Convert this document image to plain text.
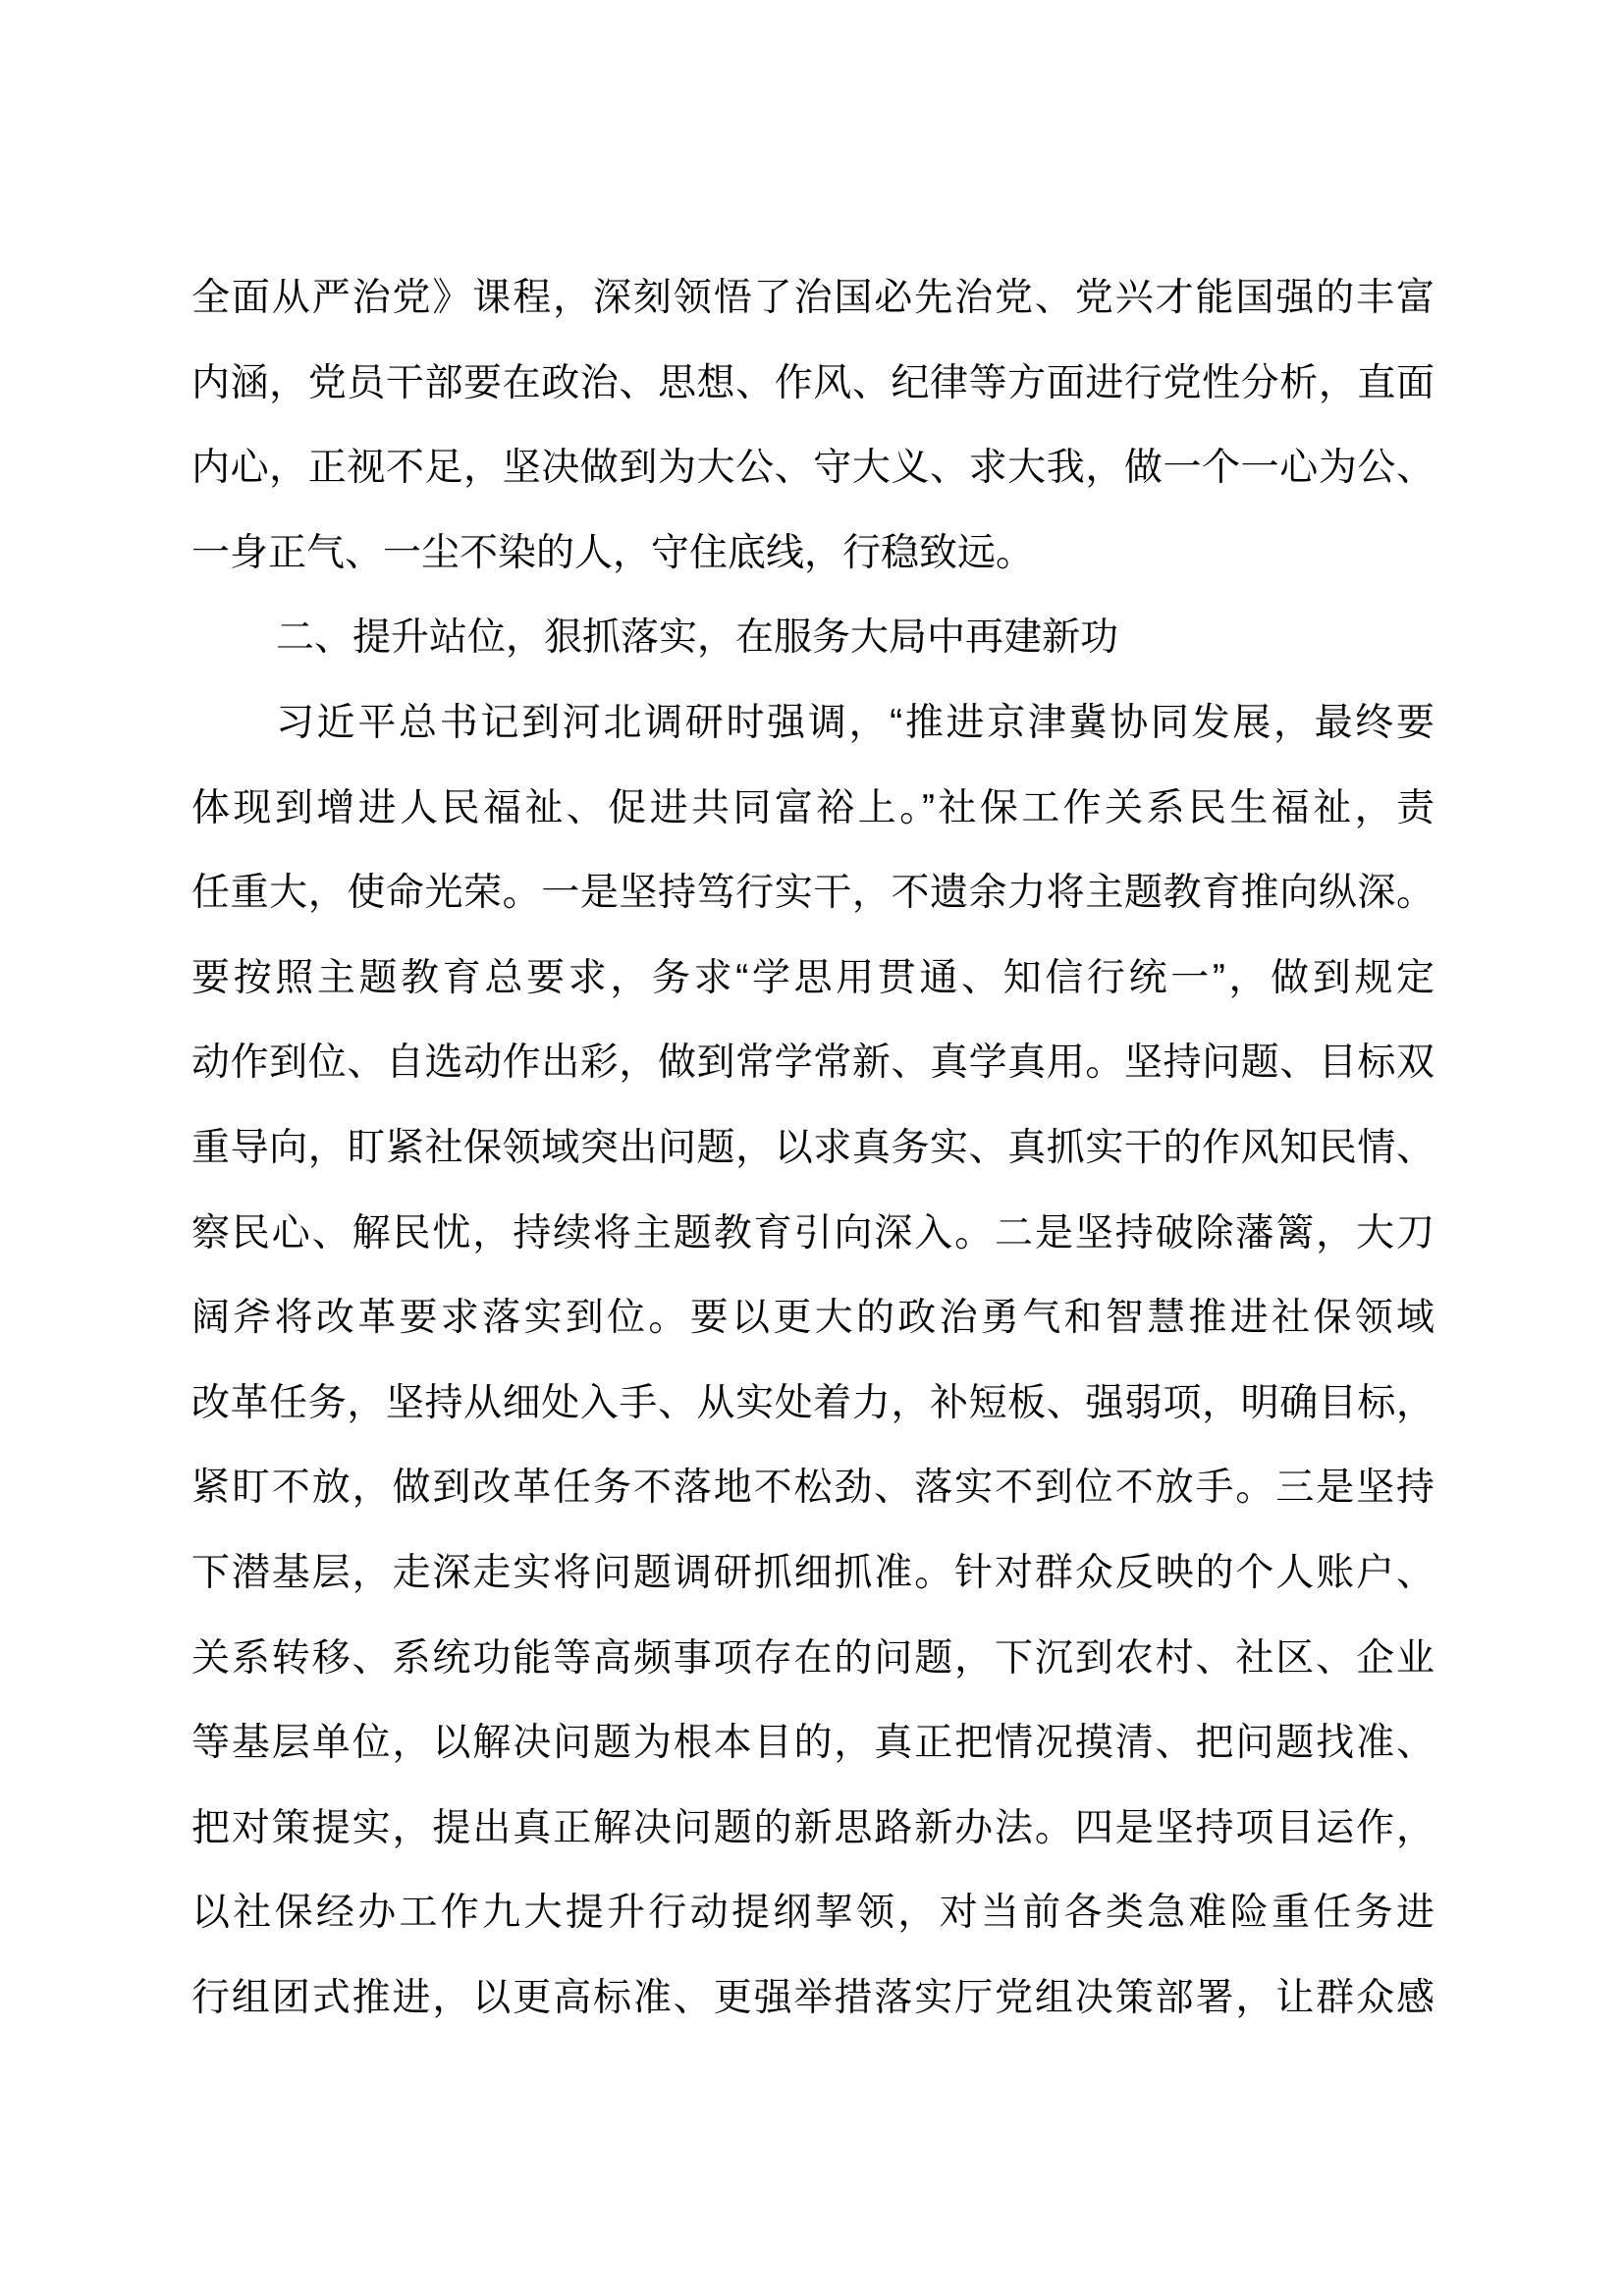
全面从严治党》课程，深刻领悟了治国必先治党、党兴才能国强的丰富
内涵，党员干部要在政治、思想、作风、纪律等方面进行党性分析，直面
内心，正视不足，坚决做到为大公、守大义、求大我，做一个一心为公、
一身正气、一尘不染的人，守住底线，行稳致远。
二、提升站位，狠抓落实，在服务大局中再建新功
习近平总书记到河北调研时强调，“推进京津冀协同发展，最终要
体现到增进人民福祉、促进共同富裕上。”社保工作关系民生福祉，责
任重大，使命光荣。一是坚持笃行实干，不遗余力将主题教育推向纵深。
要按照主题教育总要求，务求“学思用贯通、知信行统一”，做到规定
动作到位、自选动作出彩，做到常学常新、真学真用。坚持问题、目标双
重导向，盯紧社保领域突出问题，以求真务实、真抓实干的作风知民情、
察民心、解民忧，持续将主题教育引向深入。二是坚持破除藩篱，大刀
阔斧将改革要求落实到位。要以更大的政治勇气和智慧推进社保领域
改革任务，坚持从细处入手、从实处着力，补短板、强弱项，明确目标，
紧盯不放，做到改革任务不落地不松劲、落实不到位不放手。三是坚持
下潜基层，走深走实将问题调研抓细抓准。针对群众反映的个人账户、
关系转移、系统功能等高频事项存在的问题，下沉到农村、社区、企业
等基层单位，以解决问题为根本目的，真正把情况摸清、把问题找准、
把对策提实，提出真正解决问题的新思路新办法。四是坚持项目运作，
以社保经办工作九大提升行动提纲挈领，对当前各类急难险重任务进
行组团式推进，以更高标准、更强举措落实厅党组决策部署，让群众感
